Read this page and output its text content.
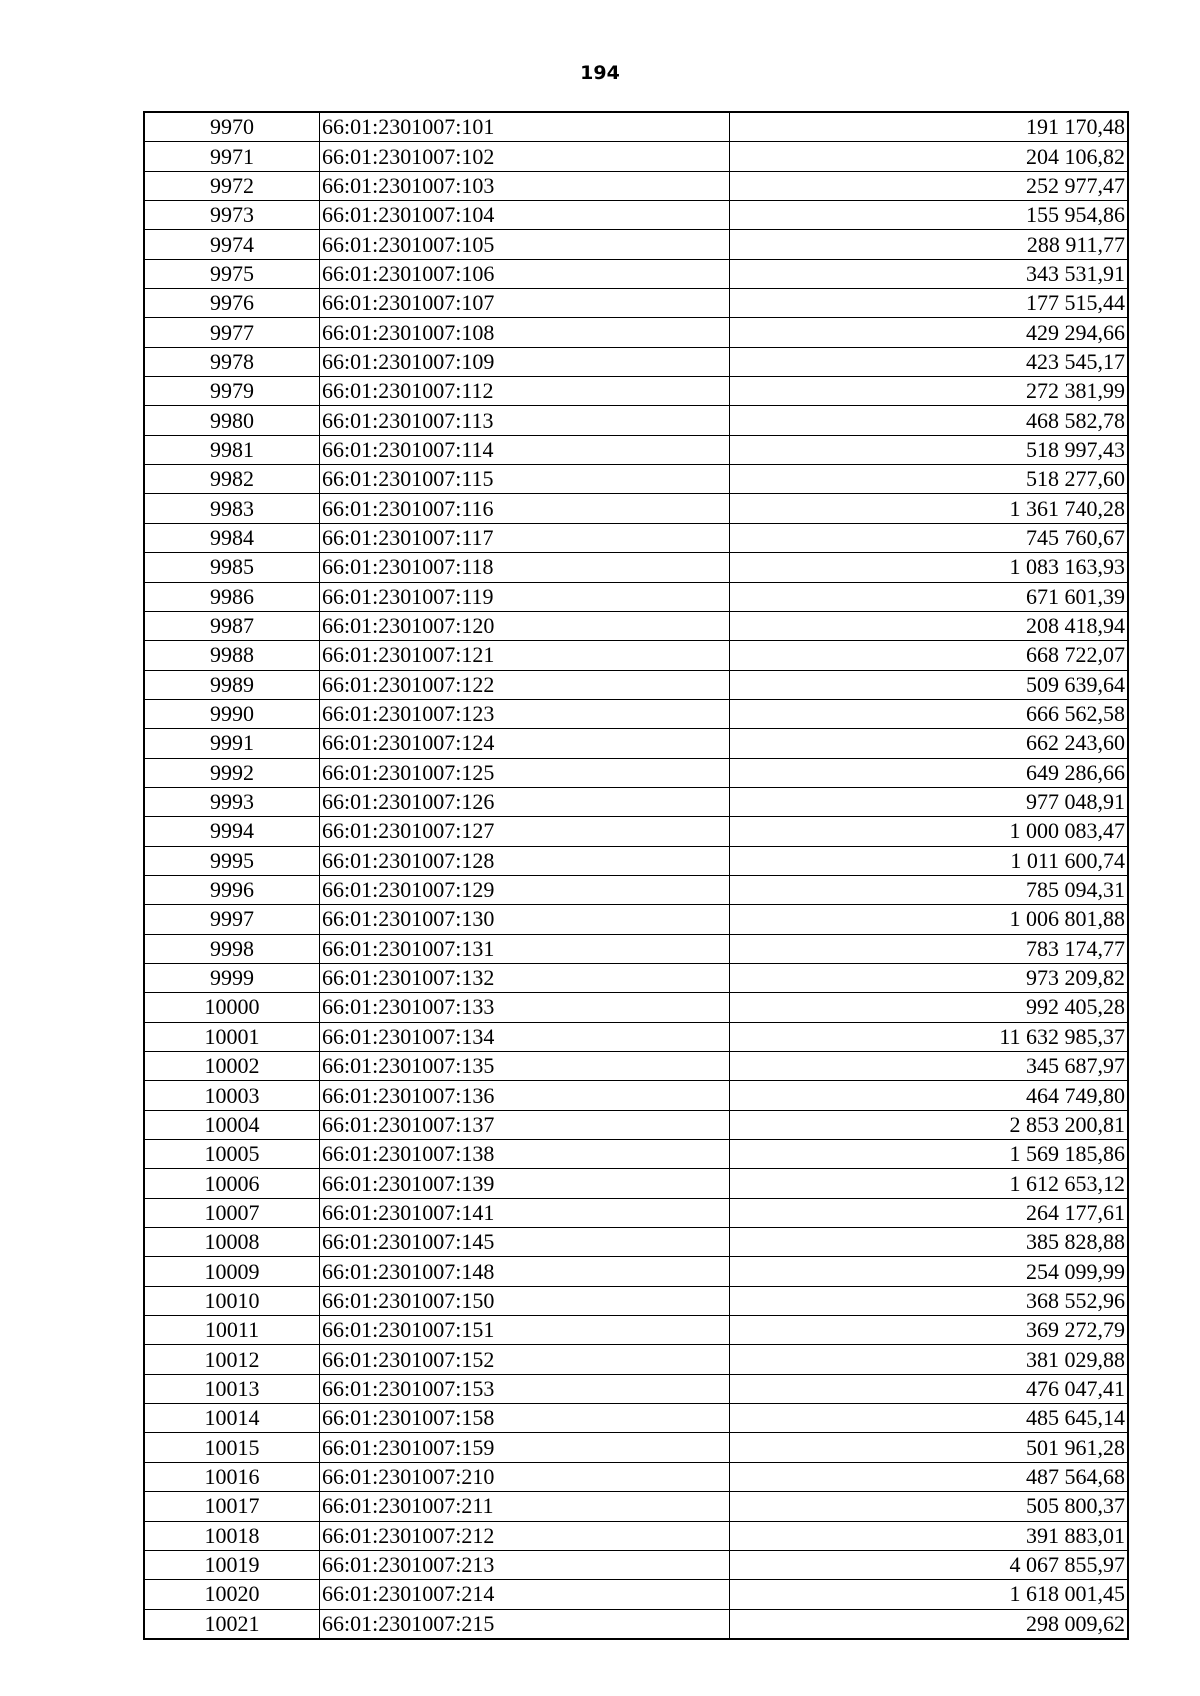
194
9970	66:01:2301007:101	191 170,48
9971	66:01:2301007:102	204 106,82
9972	66:01:2301007:103	252 977,47
9973	66:01:2301007:104	155 954,86
9974	66:01:2301007:105	288 911,77
9975	66:01:2301007:106	343 531,91
9976	66:01:2301007:107	177 515,44
9977	66:01:2301007:108	429 294,66
9978	66:01:2301007:109	423 545,17
9979	66:01:2301007:112	272 381,99
9980	66:01:2301007:113	468 582,78
9981	66:01:2301007:114	518 997,43
9982	66:01:2301007:115	518 277,60
9983	66:01:2301007:116	1 361 740,28
9984	66:01:2301007:117	745 760,67
9985	66:01:2301007:118	1 083 163,93
9986	66:01:2301007:119	671 601,39
9987	66:01:2301007:120	208 418,94
9988	66:01:2301007:121	668 722,07
9989	66:01:2301007:122	509 639,64
9990	66:01:2301007:123	666 562,58
9991	66:01:2301007:124	662 243,60
9992	66:01:2301007:125	649 286,66
9993	66:01:2301007:126	977 048,91
9994	66:01:2301007:127	1 000 083,47
9995	66:01:2301007:128	1 011 600,74
9996	66:01:2301007:129	785 094,31
9997	66:01:2301007:130	1 006 801,88
9998	66:01:2301007:131	783 174,77
9999	66:01:2301007:132	973 209,82
10000	66:01:2301007:133	992 405,28
10001	66:01:2301007:134	11 632 985,37
10002	66:01:2301007:135	345 687,97
10003	66:01:2301007:136	464 749,80
10004	66:01:2301007:137	2 853 200,81
10005	66:01:2301007:138	1 569 185,86
10006	66:01:2301007:139	1 612 653,12
10007	66:01:2301007:141	264 177,61
10008	66:01:2301007:145	385 828,88
10009	66:01:2301007:148	254 099,99
10010	66:01:2301007:150	368 552,96
10011	66:01:2301007:151	369 272,79
10012	66:01:2301007:152	381 029,88
10013	66:01:2301007:153	476 047,41
10014	66:01:2301007:158	485 645,14
10015	66:01:2301007:159	501 961,28
10016	66:01:2301007:210	487 564,68
10017	66:01:2301007:211	505 800,37
10018	66:01:2301007:212	391 883,01
10019	66:01:2301007:213	4 067 855,97
10020	66:01:2301007:214	1 618 001,45
10021	66:01:2301007:215	298 009,62
